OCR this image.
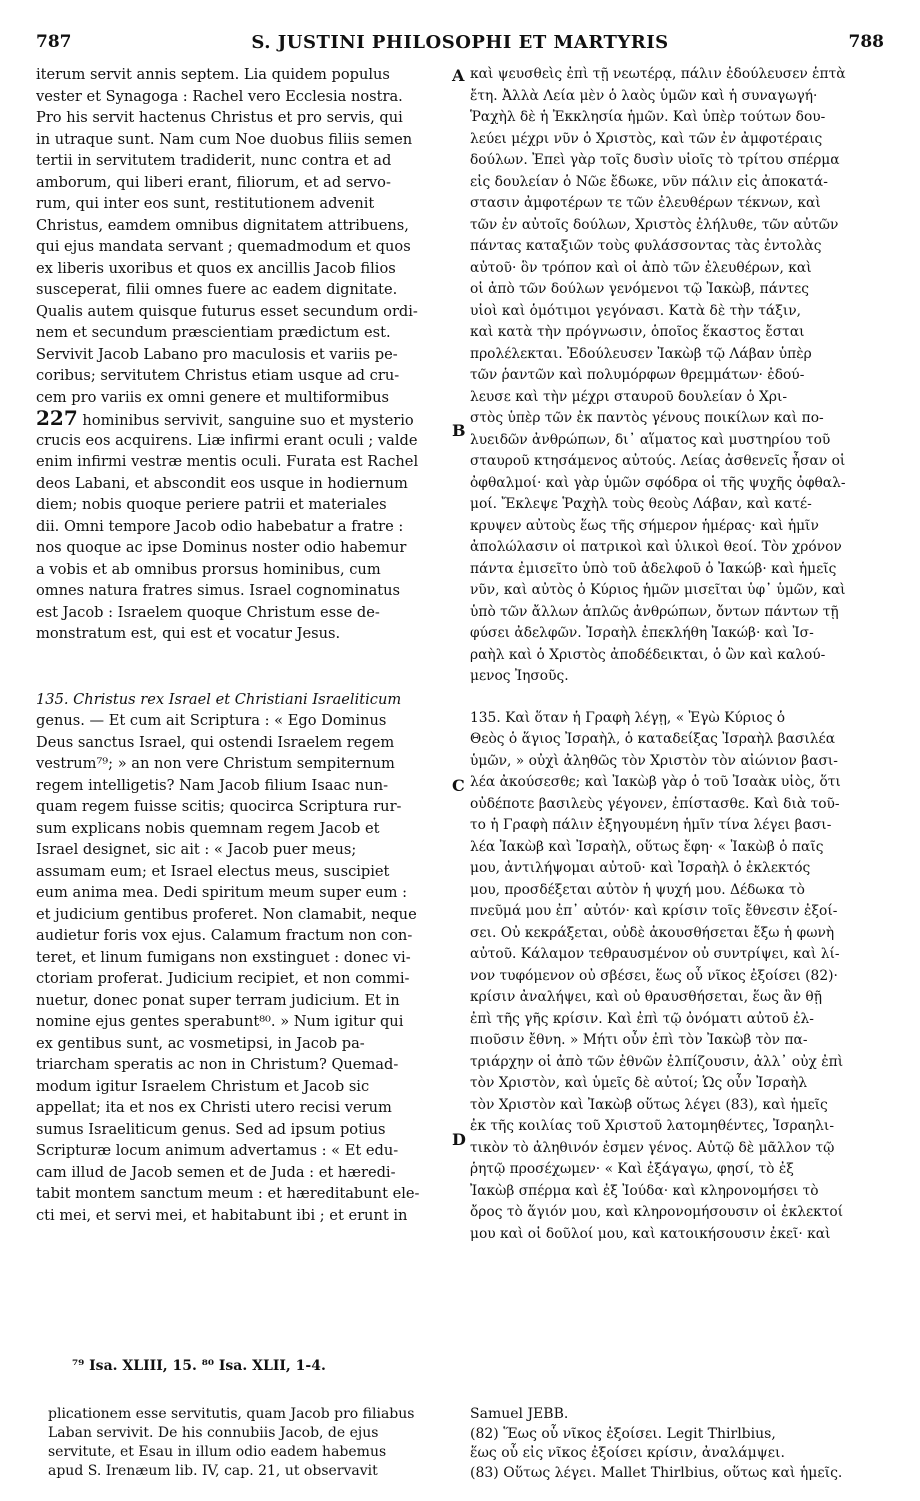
787	S. JUSTINI PHILOSOPHI ET MARTYRIS	788
A
B
C
D
iterum servit annis septem. Lia quidem populus
vester et Synagoga : Rachel vero Ecclesia nostra.
Pro his servit hactenus Christus et pro servis, qui
in utraque sunt. Nam cum Noe duobus filiis semen
tertii in servitutem tradiderit, nunc contra et ad
amborum, qui liberi erant, filiorum, et ad servo-
rum, qui inter eos sunt, restitutionem advenit
Christus, eamdem omnibus dignitatem attribuens,
qui ejus mandata servant ; quemadmodum et quos
ex liberis uxoribus et quos ex ancillis Jacob filios
susceperat, filii omnes fuere ac eadem dignitate.
Qualis autem quisque futurus esset secundum ordi-
nem et secundum præscientiam prædictum est.
Servivit Jacob Labano pro maculosis et variis pe-
coribus; servitutem Christus etiam usque ad cru-
cem pro variis ex omni genere et multiformibus
227 hominibus servivit, sanguine suo et mysterio
crucis eos acquirens. Liæ infirmi erant oculi ; valde
enim infirmi vestræ mentis oculi. Furata est Rachel
deos Labani, et abscondit eos usque in hodiernum
diem; nobis quoque periere patrii et materiales
dii. Omni tempore Jacob odio habebatur a fratre :
nos quoque ac ipse Dominus noster odio habemur
a vobis et ab omnibus prorsus hominibus, cum
omnes natura fratres simus. Israel cognominatus
est Jacob : Israelem quoque Christum esse de-
monstratum est, qui est et vocatur Jesus.
135. Christus rex Israel et Christiani Israeliticum
genus. — Et cum ait Scriptura : « Ego Dominus
Deus sanctus Israel, qui ostendi Israelem regem
vestrum⁷⁹; » an non vere Christum sempiternum
regem intelligetis? Nam Jacob filium Isaac nun-
quam regem fuisse scitis; quocirca Scriptura rur-
sum explicans nobis quemnam regem Jacob et
Israel designet, sic ait : « Jacob puer meus;
assumam eum; et Israel electus meus, suscipiet
eum anima mea. Dedi spiritum meum super eum :
et judicium gentibus proferet. Non clamabit, neque
audietur foris vox ejus. Calamum fractum non con-
teret, et linum fumigans non exstinguet : donec vi-
ctoriam proferat. Judicium recipiet, et non commi-
nuetur, donec ponat super terram judicium. Et in
nomine ejus gentes sperabunt⁸⁰. » Num igitur qui
ex gentibus sunt, ac vosmetipsi, in Jacob pa-
triarcham speratis ac non in Christum? Quemad-
modum igitur Israelem Christum et Jacob sic
appellat; ita et nos ex Christi utero recisi verum
sumus Israeliticum genus. Sed ad ipsum potius
Scripturæ locum animum advertamus : « Et edu-
cam illud de Jacob semen et de Juda : et hæredi-
tabit montem sanctum meum : et hæreditabunt ele-
cti mei, et servi mei, et habitabunt ibi ; et erunt in
καὶ ψευσθεὶς ἐπὶ τῇ νεωτέρᾳ, πάλιν ἐδούλευσεν ἑπτὰ
ἔτη. Ἀλλὰ Λεία μὲν ὁ λαὸς ὑμῶν καὶ ἡ συναγωγή·
Ῥαχὴλ δὲ ἡ Ἐκκλησία ἡμῶν. Καὶ ὑπὲρ τούτων δου-
λεύει μέχρι νῦν ὁ Χριστὸς, καὶ τῶν ἐν ἀμφοτέραις
δούλων. Ἐπεὶ γὰρ τοῖς δυσὶν υἱοῖς τὸ τρίτου σπέρμα
εἰς δουλείαν ὁ Νῶε ἔδωκε, νῦν πάλιν εἰς ἀποκατά-
στασιν ἀμφοτέρων τε τῶν ἐλευθέρων τέκνων, καὶ
τῶν ἐν αὐτοῖς δούλων, Χριστὸς ἐλήλυθε, τῶν αὐτῶν
πάντας καταξιῶν τοὺς φυλάσσοντας τὰς ἐντολὰς
αὐτοῦ· ὃν τρόπον καὶ οἱ ἀπὸ τῶν ἐλευθέρων, καὶ
οἱ ἀπὸ τῶν δούλων γενόμενοι τῷ Ἰακὼβ, πάντες
υἱοὶ καὶ ὁμότιμοι γεγόνασι. Κατὰ δὲ τὴν τάξιν,
καὶ κατὰ τὴν πρόγνωσιν, ὁποῖος ἕκαστος ἔσται
προλέλεκται. Ἐδούλευσεν Ἰακὼβ τῷ Λάβαν ὑπὲρ
τῶν ῥαντῶν καὶ πολυμόρφων θρεμμάτων· ἐδού-
λευσε καὶ τὴν μέχρι σταυροῦ δουλείαν ὁ Χρι-
στὸς ὑπὲρ τῶν ἐκ παντὸς γένους ποικίλων καὶ πο-
λυειδῶν ἀνθρώπων, δι᾽ αἵματος καὶ μυστηρίου τοῦ
σταυροῦ κτησάμενος αὐτούς. Λείας ἀσθενεῖς ἦσαν οἱ
ὀφθαλμοί· καὶ γὰρ ὑμῶν σφόδρα οἱ τῆς ψυχῆς ὀφθαλ-
μοί. Ἔκλεψε Ῥαχὴλ τοὺς θεοὺς Λάβαν, καὶ κατέ-
κρυψεν αὐτοὺς ἕως τῆς σήμερον ἡμέρας· καὶ ἡμῖν
ἀπολώλασιν οἱ πατρικοὶ καὶ ὑλικοὶ θεοί. Τὸν χρόνον
πάντα ἐμισεῖτο ὑπὸ τοῦ ἀδελφοῦ ὁ Ἰακώβ· καὶ ἡμεῖς
νῦν, καὶ αὐτὸς ὁ Κύριος ἡμῶν μισεῖται ὑφ᾽ ὑμῶν, καὶ
ὑπὸ τῶν ἄλλων ἁπλῶς ἀνθρώπων, ὄντων πάντων τῇ
φύσει ἀδελφῶν. Ἰσραὴλ ἐπεκλήθη Ἰακώβ· καὶ Ἰσ-
ραὴλ καὶ ὁ Χριστὸς ἀποδέδεικται, ὁ ὢν καὶ καλού-
μενος Ἰησοῦς.
135. Καὶ ὅταν ἡ Γραφὴ λέγῃ, « Ἐγὼ Κύριος ὁ
Θεὸς ὁ ἅγιος Ἰσραὴλ, ὁ καταδείξας Ἰσραὴλ βασιλέα
ὑμῶν, » οὐχὶ ἀληθῶς τὸν Χριστὸν τὸν αἰώνιον βασι-
λέα ἀκούσεσθε; καὶ Ἰακὼβ γὰρ ὁ τοῦ Ἰσαὰκ υἱὸς, ὅτι
οὐδέποτε βασιλεὺς γέγονεν, ἐπίστασθε. Καὶ διὰ τοῦ-
το ἡ Γραφὴ πάλιν ἐξηγουμένη ἡμῖν τίνα λέγει βασι-
λέα Ἰακὼβ καὶ Ἰσραὴλ, οὕτως ἔφη· « Ἰακὼβ ὁ παῖς
μου, ἀντιλήψομαι αὐτοῦ· καὶ Ἰσραὴλ ὁ ἐκλεκτός
μου, προσδέξεται αὐτὸν ἡ ψυχή μου. Δέδωκα τὸ
πνεῦμά μου ἐπ᾽ αὐτόν· καὶ κρίσιν τοῖς ἔθνεσιν ἐξοί-
σει. Οὐ κεκράξεται, οὐδὲ ἀκουσθήσεται ἔξω ἡ φωνὴ
αὐτοῦ. Κάλαμον τεθραυσμένον οὐ συντρίψει, καὶ λί-
νον τυφόμενον οὐ σβέσει, ἕως οὗ νῖκος ἐξοίσει (82)·
κρίσιν ἀναλήψει, καὶ οὐ θραυσθήσεται, ἕως ἂν θῇ
ἐπὶ τῆς γῆς κρίσιν. Καὶ ἐπὶ τῷ ὀνόματι αὐτοῦ ἐλ-
πιοῦσιν ἔθνη. » Μήτι οὖν ἐπὶ τὸν Ἰακὼβ τὸν πα-
τριάρχην οἱ ἀπὸ τῶν ἐθνῶν ἐλπίζουσιν, ἀλλ᾽ οὐχ ἐπὶ
τὸν Χριστὸν, καὶ ὑμεῖς δὲ αὐτοί; Ὡς οὖν Ἰσραὴλ
τὸν Χριστὸν καὶ Ἰακὼβ οὕτως λέγει (83), καὶ ἡμεῖς
ἐκ τῆς κοιλίας τοῦ Χριστοῦ λατομηθέντες, Ἰσραηλι-
τικὸν τὸ ἀληθινόν ἐσμεν γένος. Αὐτῷ δὲ μᾶλλον τῷ
ῥητῷ προσέχωμεν· « Καὶ ἐξάγαγω, φησί, τὸ ἐξ
Ἰακὼβ σπέρμα καὶ ἐξ Ἰούδα· καὶ κληρονομήσει τὸ
ὄρος τὸ ἅγιόν μου, καὶ κληρονομήσουσιν οἱ ἐκλεκτοί
μου καὶ οἱ δοῦλοί μου, καὶ κατοικήσουσιν ἐκεῖ· καὶ
⁷⁹ Isa. XLIII, 15. ⁸⁰ Isa. XLII, 1-4.
plicationem esse servitutis, quam Jacob pro filiabus
Laban servivit. De his connubiis Jacob, de ejus
servitute, et Esau in illum odio eadem habemus
apud S. Irenæum lib. IV, cap. 21, ut observavit
Samuel JEBB.
(82) Ἕως οὗ νῖκος ἐξοίσει. Legit Thirlbius,
ἕως οὗ εἰς νῖκος ἐξοίσει κρίσιν, ἀναλάμψει.
(83) Οὕτως λέγει. Mallet Thirlbius, οὕτως καὶ ἡμεῖς.
